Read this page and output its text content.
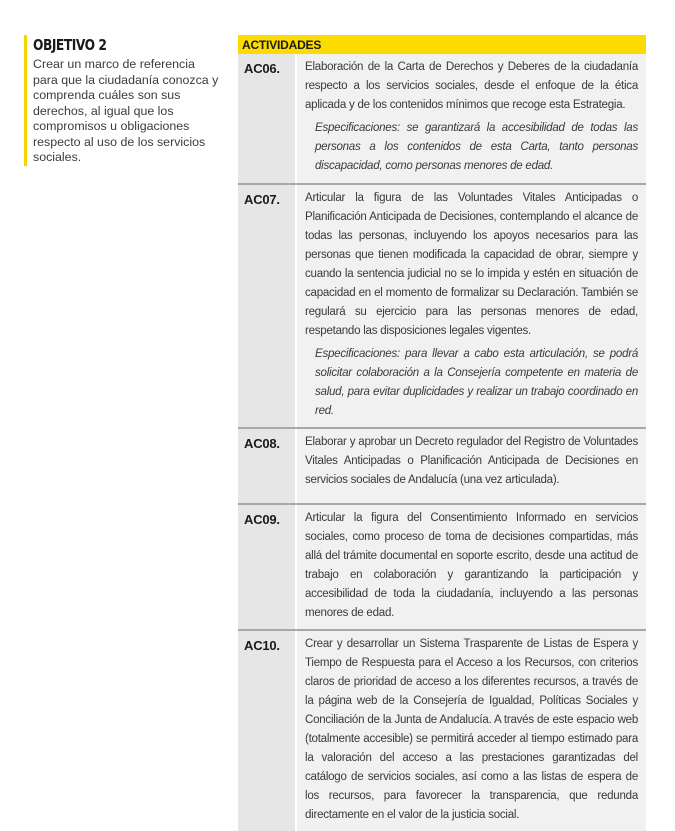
OBJETIVO 2
Crear un marco de referencia para que la ciudadanía conozca y comprenda cuáles son sus derechos, al igual que los compromisos u obligaciones respecto al uso de los servicios sociales.
ACTIVIDADES
AC06.	Elaboración de la Carta de Derechos y Deberes de la ciudadanía respecto a los servicios sociales, desde el enfoque de la ética aplicada y de los contenidos mínimos que recoge esta Estrategia.

Especificaciones: se garantizará la accesibilidad de todas las personas a los contenidos de esta Carta, tanto personas discapacidad, como personas menores de edad.

AC07.	Articular la figura de las Voluntades Vitales Anticipadas o Planificación Anticipada de Decisiones, contemplando el alcance de todas las personas, incluyendo los apoyos necesarios para las personas que tienen modificada la capacidad de obrar, siempre y cuando la sentencia judicial no se lo impida y estén en situación de capacidad en el momento de formalizar su Declaración. También se regulará su ejercicio para las personas menores de edad, respetando las disposiciones legales vigentes.

Especificaciones: para llevar a cabo esta articulación, se podrá solicitar colaboración a la Consejería competente en materia de salud, para evitar duplicidades y realizar un trabajo coordinado en red.

AC08.	Elaborar y aprobar un Decreto regulador del Registro de Voluntades Vitales Anticipadas o Planificación Anticipada de Decisiones en servicios sociales de Andalucía (una vez articulada).

AC09.	Articular la figura del Consentimiento Informado en servicios sociales, como proceso de toma de decisiones compartidas, más allá del trámite documental en soporte escrito, desde una actitud de trabajo en colaboración y garantizando la participación y accesibilidad de toda la ciudadanía, incluyendo a las personas menores de edad.

AC10.	Crear y desarrollar un Sistema Trasparente de Listas de Espera y Tiempo de Respuesta para el Acceso a los Recursos, con criterios claros de prioridad de acceso a los diferentes recursos, a través de la página web de la Consejería de Igualdad, Políticas Sociales y Conciliación de la Junta de Andalucía. A través de este espacio web (totalmente accesible) se permitirá acceder al tiempo estimado para la valoración del acceso a las prestaciones garantizadas del catálogo de servicios sociales, así como a las listas de espera de los recursos, para favorecer la transparencia, que redunda directamente en el valor de la justicia social.
